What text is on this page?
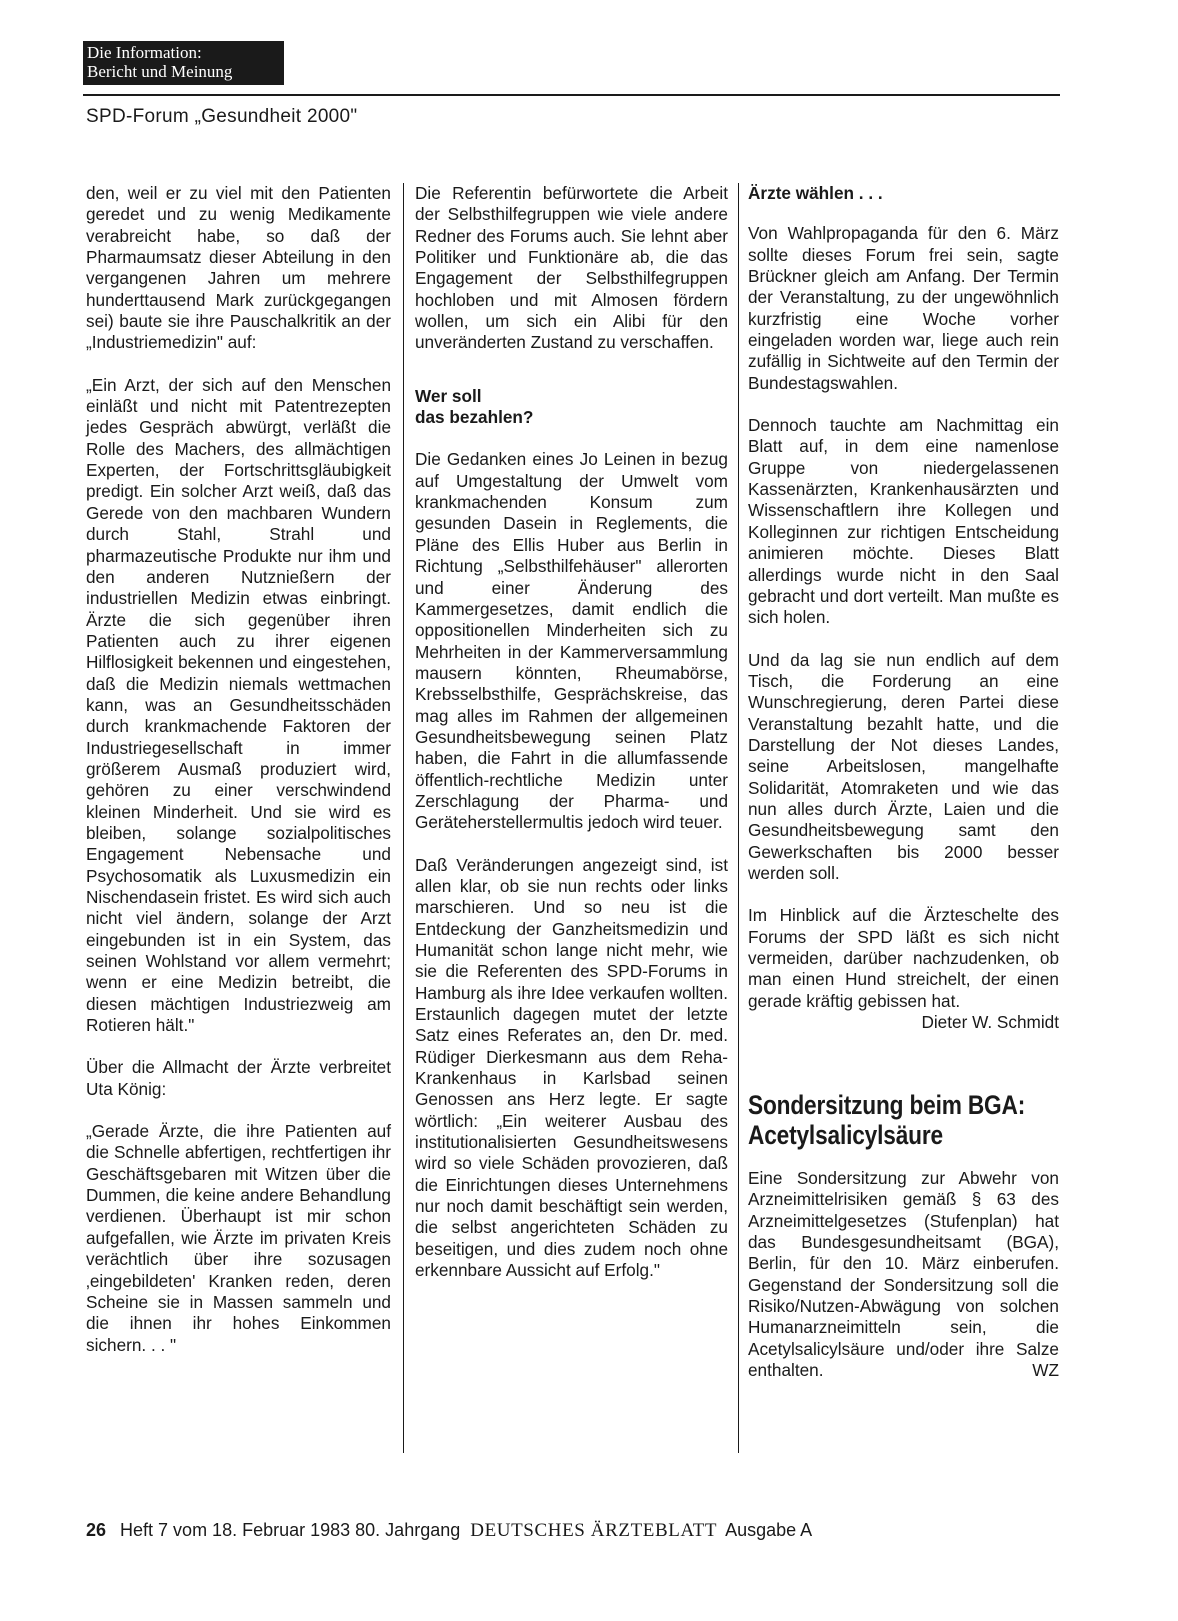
Die Information:
Bericht und Meinung
SPD-Forum „Gesundheit 2000"

den, weil er zu viel mit den Patienten geredet und zu wenig Medikamente verabreicht habe, so daß der Pharmaumsatz dieser Abteilung in den vergangenen Jahren um mehrere hunderttausend Mark zurückgegangen sei) baute sie ihre Pauschalkritik an der „Industriemedizin" auf:

„Ein Arzt, der sich auf den Menschen einläßt und nicht mit Patentrezepten jedes Gespräch abwürgt, verläßt die Rolle des Machers, des allmächtigen Experten, der Fortschrittsgläubigkeit predigt. Ein solcher Arzt weiß, daß das Gerede von den machbaren Wundern durch Stahl, Strahl und pharmazeutische Produkte nur ihm und den anderen Nutznießern der industriellen Medizin etwas einbringt. Ärzte die sich gegenüber ihren Patienten auch zu ihrer eigenen Hilflosigkeit bekennen und eingestehen, daß die Medizin niemals wettmachen kann, was an Gesundheitsschäden durch krankmachende Faktoren der Industriegesellschaft in immer größerem Ausmaß produziert wird, gehören zu einer verschwindend kleinen Minderheit. Und sie wird es bleiben, solange sozialpolitisches Engagement Nebensache und Psychosomatik als Luxusmedizin ein Nischendasein fristet. Es wird sich auch nicht viel ändern, solange der Arzt eingebunden ist in ein System, das seinen Wohlstand vor allem vermehrt; wenn er eine Medizin betreibt, die diesen mächtigen Industriezweig am Rotieren hält."

Über die Allmacht der Ärzte verbreitet Uta König:

„Gerade Ärzte, die ihre Patienten auf die Schnelle abfertigen, rechtfertigen ihr Geschäftsgebaren mit Witzen über die Dummen, die keine andere Behandlung verdienen. Überhaupt ist mir schon aufgefallen, wie Ärzte im privaten Kreis verächtlich über ihre sozusagen ‚eingebildeten' Kranken reden, deren Scheine sie in Massen sammeln und die ihnen ihr hohes Einkommen sichern. . . "

Die Referentin befürwortete die Arbeit der Selbsthilfegruppen wie viele andere Redner des Forums auch. Sie lehnt aber Politiker und Funktionäre ab, die das Engagement der Selbsthilfegruppen hochloben und mit Almosen fördern wollen, um sich ein Alibi für den unveränderten Zustand zu verschaffen.

Wer soll
das bezahlen?

Die Gedanken eines Jo Leinen in bezug auf Umgestaltung der Umwelt vom krankmachenden Konsum zum gesunden Dasein in Reglements, die Pläne des Ellis Huber aus Berlin in Richtung „Selbsthilfehäuser" allerorten und einer Änderung des Kammergesetzes, damit endlich die oppositionellen Minderheiten sich zu Mehrheiten in der Kammerversammlung mausern könnten, Rheumabörse, Krebsselbsthilfe, Gesprächskreise, das mag alles im Rahmen der allgemeinen Gesundheitsbewegung seinen Platz haben, die Fahrt in die allumfassende öffentlich-rechtliche Medizin unter Zerschlagung der Pharma- und Geräteherstellermultis jedoch wird teuer.

Daß Veränderungen angezeigt sind, ist allen klar, ob sie nun rechts oder links marschieren. Und so neu ist die Entdeckung der Ganzheitsmedizin und Humanität schon lange nicht mehr, wie sie die Referenten des SPD-Forums in Hamburg als ihre Idee verkaufen wollten. Erstaunlich dagegen mutet der letzte Satz eines Referates an, den Dr. med. Rüdiger Dierkesmann aus dem Reha-Krankenhaus in Karlsbad seinen Genossen ans Herz legte. Er sagte wörtlich: „Ein weiterer Ausbau des institutionalisierten Gesundheitswesens wird so viele Schäden provozieren, daß die Einrichtungen dieses Unternehmens nur noch damit beschäftigt sein werden, die selbst angerichteten Schäden zu beseitigen, und dies zudem noch ohne erkennbare Aussicht auf Erfolg."

Ärzte wählen . . .

Von Wahlpropaganda für den 6. März sollte dieses Forum frei sein, sagte Brückner gleich am Anfang. Der Termin der Veranstaltung, zu der ungewöhnlich kurzfristig eine Woche vorher eingeladen worden war, liege auch rein zufällig in Sichtweite auf den Termin der Bundestagswahlen.

Dennoch tauchte am Nachmittag ein Blatt auf, in dem eine namenlose Gruppe von niedergelassenen Kassenärzten, Krankenhausärzten und Wissenschaftlern ihre Kollegen und Kolleginnen zur richtigen Entscheidung animieren möchte. Dieses Blatt allerdings wurde nicht in den Saal gebracht und dort verteilt. Man mußte es sich holen.

Und da lag sie nun endlich auf dem Tisch, die Forderung an eine Wunschregierung, deren Partei diese Veranstaltung bezahlt hatte, und die Darstellung der Not dieses Landes, seine Arbeitslosen, mangelhafte Solidarität, Atomraketen und wie das nun alles durch Ärzte, Laien und die Gesundheitsbewegung samt den Gewerkschaften bis 2000 besser werden soll.

Im Hinblick auf die Ärzteschelte des Forums der SPD läßt es sich nicht vermeiden, darüber nachzudenken, ob man einen Hund streichelt, der einen gerade kräftig gebissen hat.
Dieter W. Schmidt

Sondersitzung beim BGA:
Acetylsalicylsäure

Eine Sondersitzung zur Abwehr von Arzneimittelrisiken gemäß § 63 des Arzneimittelgesetzes (Stufenplan) hat das Bundesgesundheitsamt (BGA), Berlin, für den 10. März einberufen. Gegenstand der Sondersitzung soll die Risiko/Nutzen-Abwägung von solchen Humanarzneimitteln sein, die Acetylsalicylsäure und/oder ihre Salze enthalten.	WZ

26 Heft 7 vom 18. Februar 1983 80. Jahrgang DEUTSCHES ÄRZTEBLATT Ausgabe A
